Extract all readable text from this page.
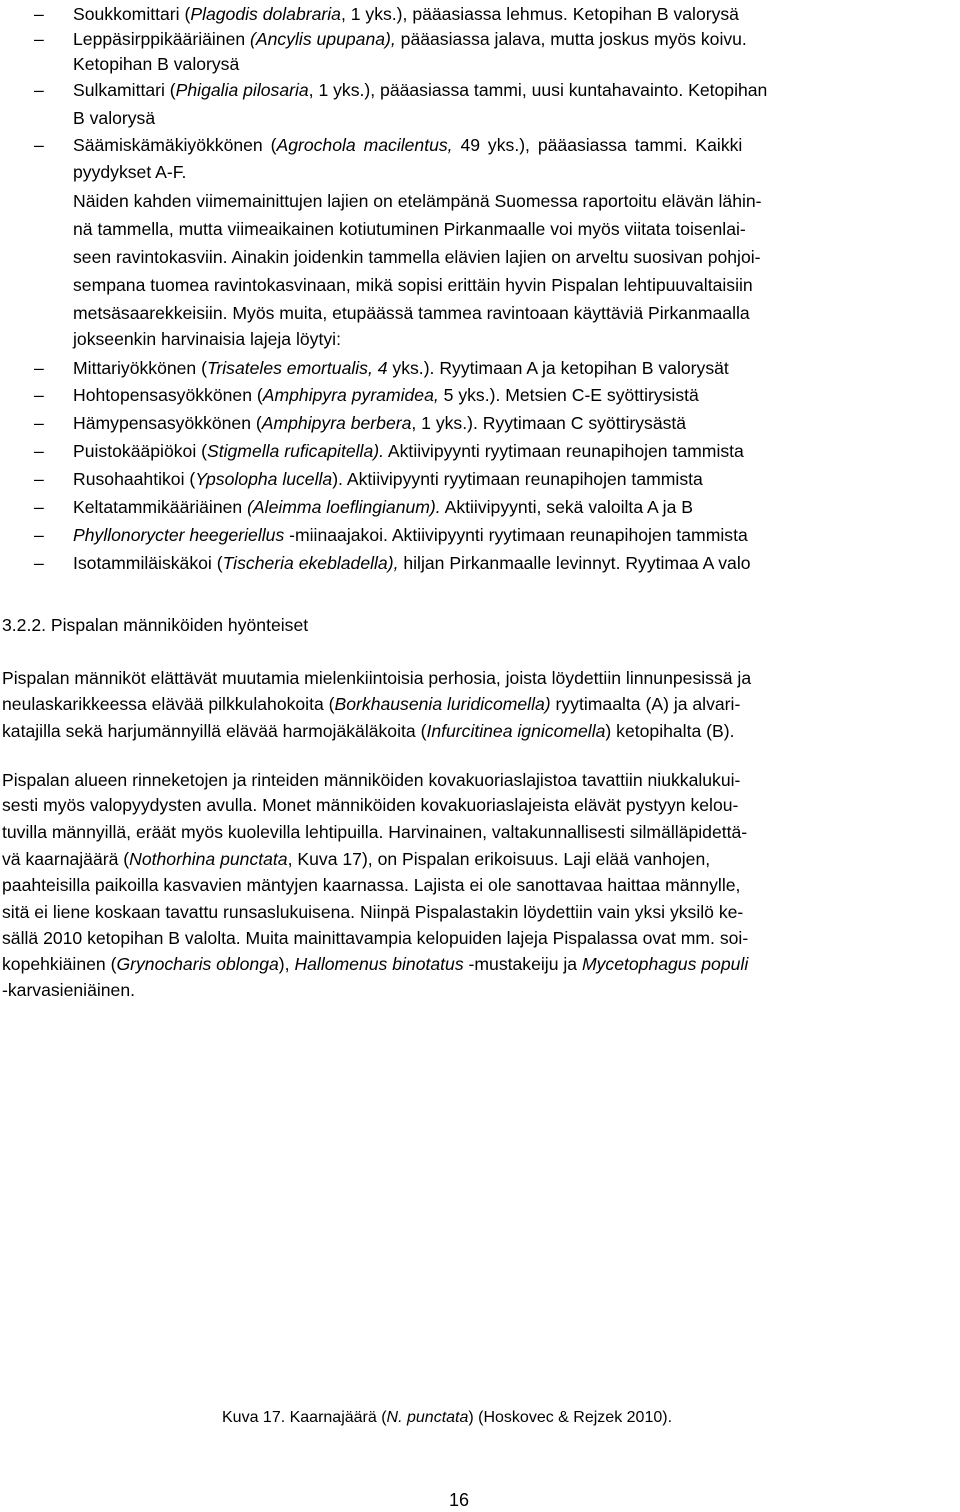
– Soukkomittari (Plagodis dolabraria, 1 yks.), pääasiassa lehmus. Ketopihan B valorysä
– Leppäsirppikääriäinen (Ancylis upupana), pääasiassa jalava, mutta joskus myös koivu.
Ketopihan B valorysä
– Sulkamittari (Phigalia pilosaria, 1 yks.), pääasiassa tammi, uusi kuntahavainto. Ketopihan
B valorysä
– Säämiskämäkiyökkönen (Agrochola macilentus, 49 yks.), pääasiassa tammi. Kaikki
pyydykset A-F.
Näiden kahden viimemainittujen lajien on etelämpänä Suomessa raportoitu elävän lähin-
nä tammella, mutta viimeaikainen kotiutuminen Pirkanmaalle voi myös viitata toisenlai-
seen ravintokasviin. Ainakin joidenkin tammella elävien lajien on arveltu suosivan pohjoi-
sempana tuomea ravintokasvinaan, mikä sopisi erittäin hyvin Pispalan lehtipuuvaltaisiin
metsäsaarekkeisiin. Myös muita, etupäässä tammea ravintoaan käyttäviä Pirkanmaalla
jokseenkin harvinaisia lajeja löytyi:
– Mittariyökkönen (Trisateles emortualis, 4 yks.). Ryytimaan A ja ketopihan B valorysät
– Hohtopensasyökkönen (Amphipyra pyramidea, 5 yks.). Metsien C-E syöttirysistä
– Hämypensasyökkönen (Amphipyra berbera, 1 yks.). Ryytimaan C syöttirysästä
– Puistokääpiökoi (Stigmella ruficapitella). Aktiivipyynti ryytimaan reunapihojen tammista
– Rusohaahtikoi (Ypsolopha lucella). Aktiivipyynti ryytimaan reunapihojen tammista
– Keltatammikääriäinen (Aleimma loeflingianum). Aktiivipyynti, sekä valoilta A ja B
– Phyllonorycter heegeriellus -miinaajakoi. Aktiivipyynti ryytimaan reunapihojen tammista
– Isotammiläiskäkoi (Tischeria ekebladella), hiljan Pirkanmaalle levinnyt. Ryytimaa A valo
3.2.2. Pispalan männiköiden hyönteiset
Pispalan männiköt elättävät muutamia mielenkiintoisia perhosia, joista löydettiin linnunpesissä ja
neulaskarikkeessa elävää pilkkulahokoita (Borkhausenia luridicomella) ryytimaalta (A) ja alvari-
katajilla sekä harjumännyillä elävää harmojäkäläkoita (Infurcitinea ignicomella) ketopihalta (B).
Pispalan alueen rinneketojen ja rinteiden männiköiden kovakuoriaslajistoa tavattiin niukkalukui-
sesti myös valopyydysten avulla. Monet männiköiden kovakuoriaslajeista elävät pystyyn kelou-
tuvilla männyillä, eräät myös kuolevilla lehtipuilla. Harvinainen, valtakunnallisesti silmälläpidettä-
vä kaarnajäärä (Nothorhina punctata, Kuva 17), on Pispalan erikoisuus. Laji elää vanhojen,
paahteisilla paikoilla kasvavien mäntyjen kaarnassa. Lajista ei ole sanottavaa haittaa männylle,
sitä ei liene koskaan tavattu runsaslukuisena. Niinpä Pispalastakin löydettiin vain yksi yksilö ke-
sällä 2010 ketopihan B valolta. Muita mainittavampia kelopuiden lajeja Pispalassa ovat mm. soi-
kopehkiäinen (Grynocharis oblonga), Hallomenus binotatus -mustakeiju ja Mycetophagus populi
-karvasieniäinen.
Kuva 17. Kaarnajäärä (N. punctata) (Hoskovec & Rejzek 2010).
16
